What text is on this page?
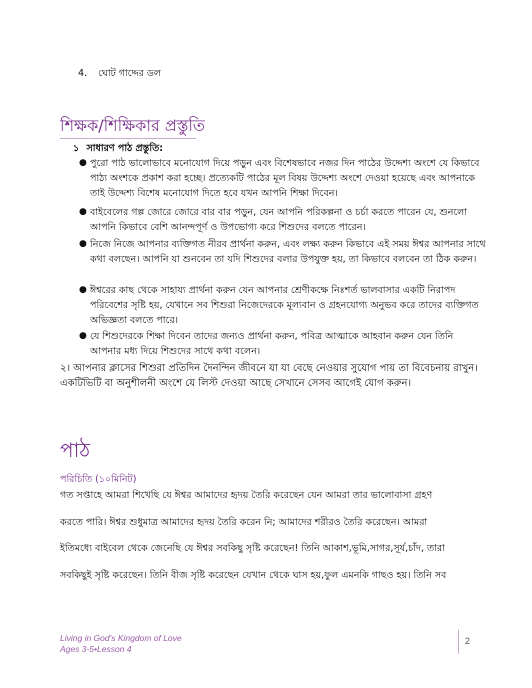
4. ঘোট গাদ্দের ডল
শিক্ষক/শিক্ষিকার প্রস্তুতি
১ সাধারণ পাঠ প্রস্তুতি:
● পুরো পাঠ ভালোভাবে মনোযোগ দিয়ে পড়ুন এবং বিশেষভাবে নজর দিন পাঠের উদ্দেশ্য অংশে যে কিভাবে পাঠ্য অংশকে প্রকাশ করা হচ্ছে। প্রত্যেকটি পাঠের মূল বিষয় উদ্দেশ্য অংশে দেওয়া হয়েছে এবং আপনাকে তাই উদ্দেশ্য বিশেষ মনোযোগ দিতে হবে যখন আপনি শিক্ষা দিবেন।
● বাইবেলের গল্প জোরে জোরে বার বার পড়ুন, যেন আপনি পরিকল্পনা ও চর্চা করতে পারেন যে, শুনলো আপনি কিভাবে বেশি আনন্দপূর্ণ ও উপভোগ্য করে শিশুদের বলতে পারেন।
● নিজে নিজে আপনার ব্যক্তিগত নীরব প্রার্থনা করুন, এবং লক্ষ্য করুন কিভাবে এই সময় ঈশ্বর আপনার সাথে কথা বলছেন। আপনি যা শুনবেন তা যদি শিশুদের বলার উপযুক্ত হয়, তা কিভাবে বলবেন তা ঠিক করুন।
● ঈশ্বরের কাছ থেকে সাহায্য প্রার্থনা করুন যেন আপনার শ্রেণীকক্ষে নিঃশর্ত ভালবাসার একটি নিরাপদ পরিবেশের সৃষ্টি হয়, যেখানে সব শিশুরা নিজেদেরকে মূল্যবান ও গ্রহনযোগ্য অনুভব করে তাদের ব্যক্তিগত অভিজ্ঞতা বলতে পারে।
● যে শিশুদেরকে শিক্ষা দিবেন তাদের জন্যও প্রার্থনা করুন, পবিত্র আত্মাকে আহবান করুন যেন তিনি আপনার মধ্য দিয়ে শিশুদের সাথে কথা বলেন।
২। আপনার ক্লাসের শিশুরা প্রতিদিন দৈনন্দিন জীবনে যা যা বেছে নেওয়ার সুযোগ পায় তা বিবেচনায় রাখুন। একটিভিটি বা অনুশীলনী অংশে যে লিস্ট দেওয়া আছে সেখানে সেসব আগেই যোগ করুন।
পাঠ
পরিচিতি (১০মিনিট)
গত সপ্তাহে আমরা শিখেছি যে ঈশ্বর আমাদের হৃদয় তৈরি করেছেন যেন আমরা তার ভালোবাসা গ্রহণ
করতে পারি। ঈশ্বর শুধুমাত্র আমাদের হৃদয় তৈরি করেন নি; আমাদের শরীরও তৈরি করেছেন। আমরা
ইতিমধ্যে বাইবেল থেকে জেনেছি যে ঈশ্বর সবকিছু সৃষ্টি করেছেন! তিনি আকাশ,ভূমি,সাগর,সূর্য,চাঁদ, তারা
সবকিছুই সৃষ্টি করেছেন। তিনি বীজ সৃষ্টি করেছেন যেখান থেকে ঘাস হয়,ফুল এমনকি গাছও হয়। তিনি সব
Living in God's Kingdom of Love
Ages 3-5•Lesson 4
2
